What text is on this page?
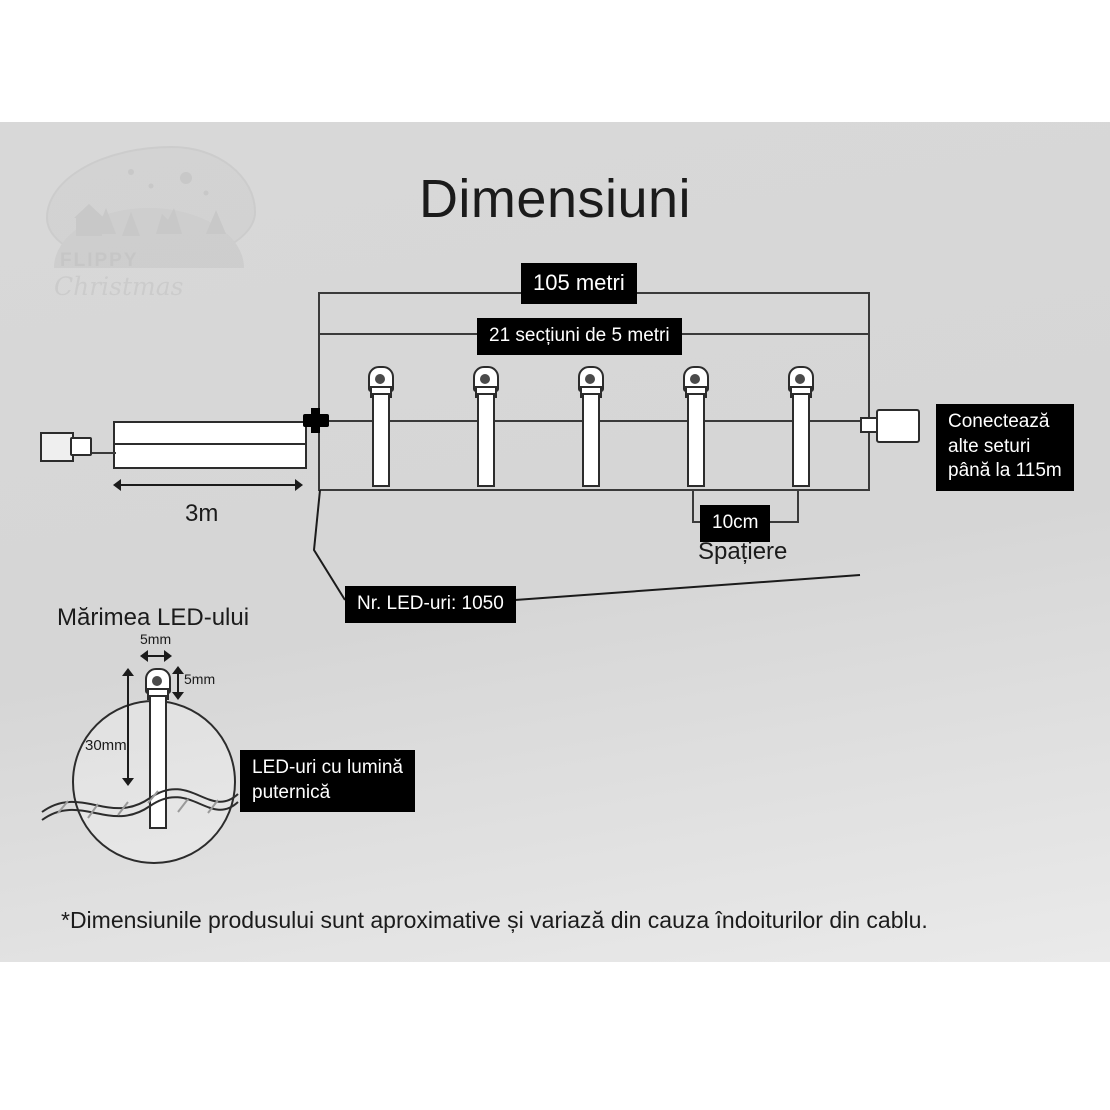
FLIPPY
Christmas
Dimensiuni
105 metri
21 secțiuni de 5 metri
3m
Conectează
alte seturi
până la 115m
10cm
Spațiere
Nr. LED-uri: 1050
Mărimea LED-ului
5mm
5mm
30mm
LED-uri cu lumină
puternică
*Dimensiunile produsului sunt aproximative și variază din cauza îndoiturilor din cablu.
